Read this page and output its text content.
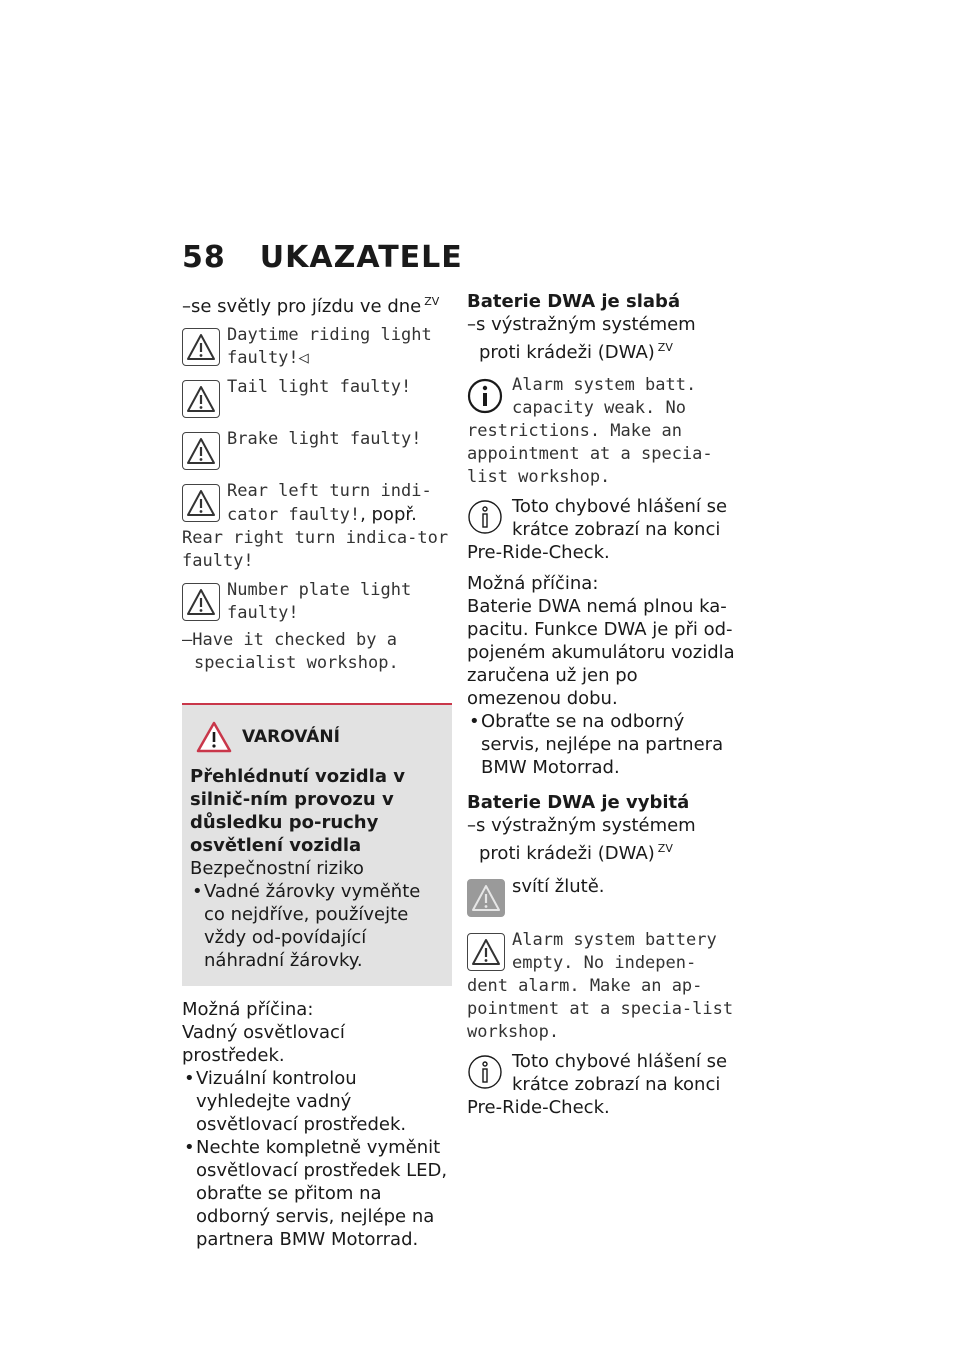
58 UKAZATELE
–se světly pro jízdu ve dne $^{ZV}$
Daytime riding light faulty!◁
Tail light faulty!
Brake light faulty!
Rear left turn indi-cator faulty!, popř.
Rear right turn indica-tor faulty!
Number plate light faulty!
–Have it checked by a specialist workshop.
VAROVÁNÍ
Přehlédnutí vozidla v silnič-ním provozu v důsledku po-ruchy osvětlení vozidla
Bezpečnostní riziko
• Vadné žárovky vyměňte co nejdříve, používejte vždy od-povídající náhradní žárovky.
Možná příčina:
Vadný osvětlovací prostředek.
• Vizuální kontrolou vyhledejte vadný osvětlovací prostředek.
• Nechte kompletně vyměnit osvětlovací prostředek LED, obraťte se přitom na odborný servis, nejlépe na partnera BMW Motorrad.
Baterie DWA je slabá
–s výstražným systémem proti krádeži (DWA) $^{ZV}$
Alarm system batt. capacity weak. No restrictions. Make an appointment at a specia-list workshop.
Toto chybové hlášení se krátce zobrazí na konci Pre-Ride-Check.
Možná příčina:
Baterie DWA nemá plnou ka-pacitu. Funkce DWA je při od-pojeném akumulátoru vozidla zaručena už jen po omezenou dobu.
• Obraťte se na odborný servis, nejlépe na partnera BMW Motorrad.
Baterie DWA je vybitá
–s výstražným systémem proti krádeži (DWA) $^{ZV}$
svítí žlutě.
Alarm system battery empty. No indepen-dent alarm. Make an ap-pointment at a specia-list workshop.
Toto chybové hlášení se krátce zobrazí na konci Pre-Ride-Check.
